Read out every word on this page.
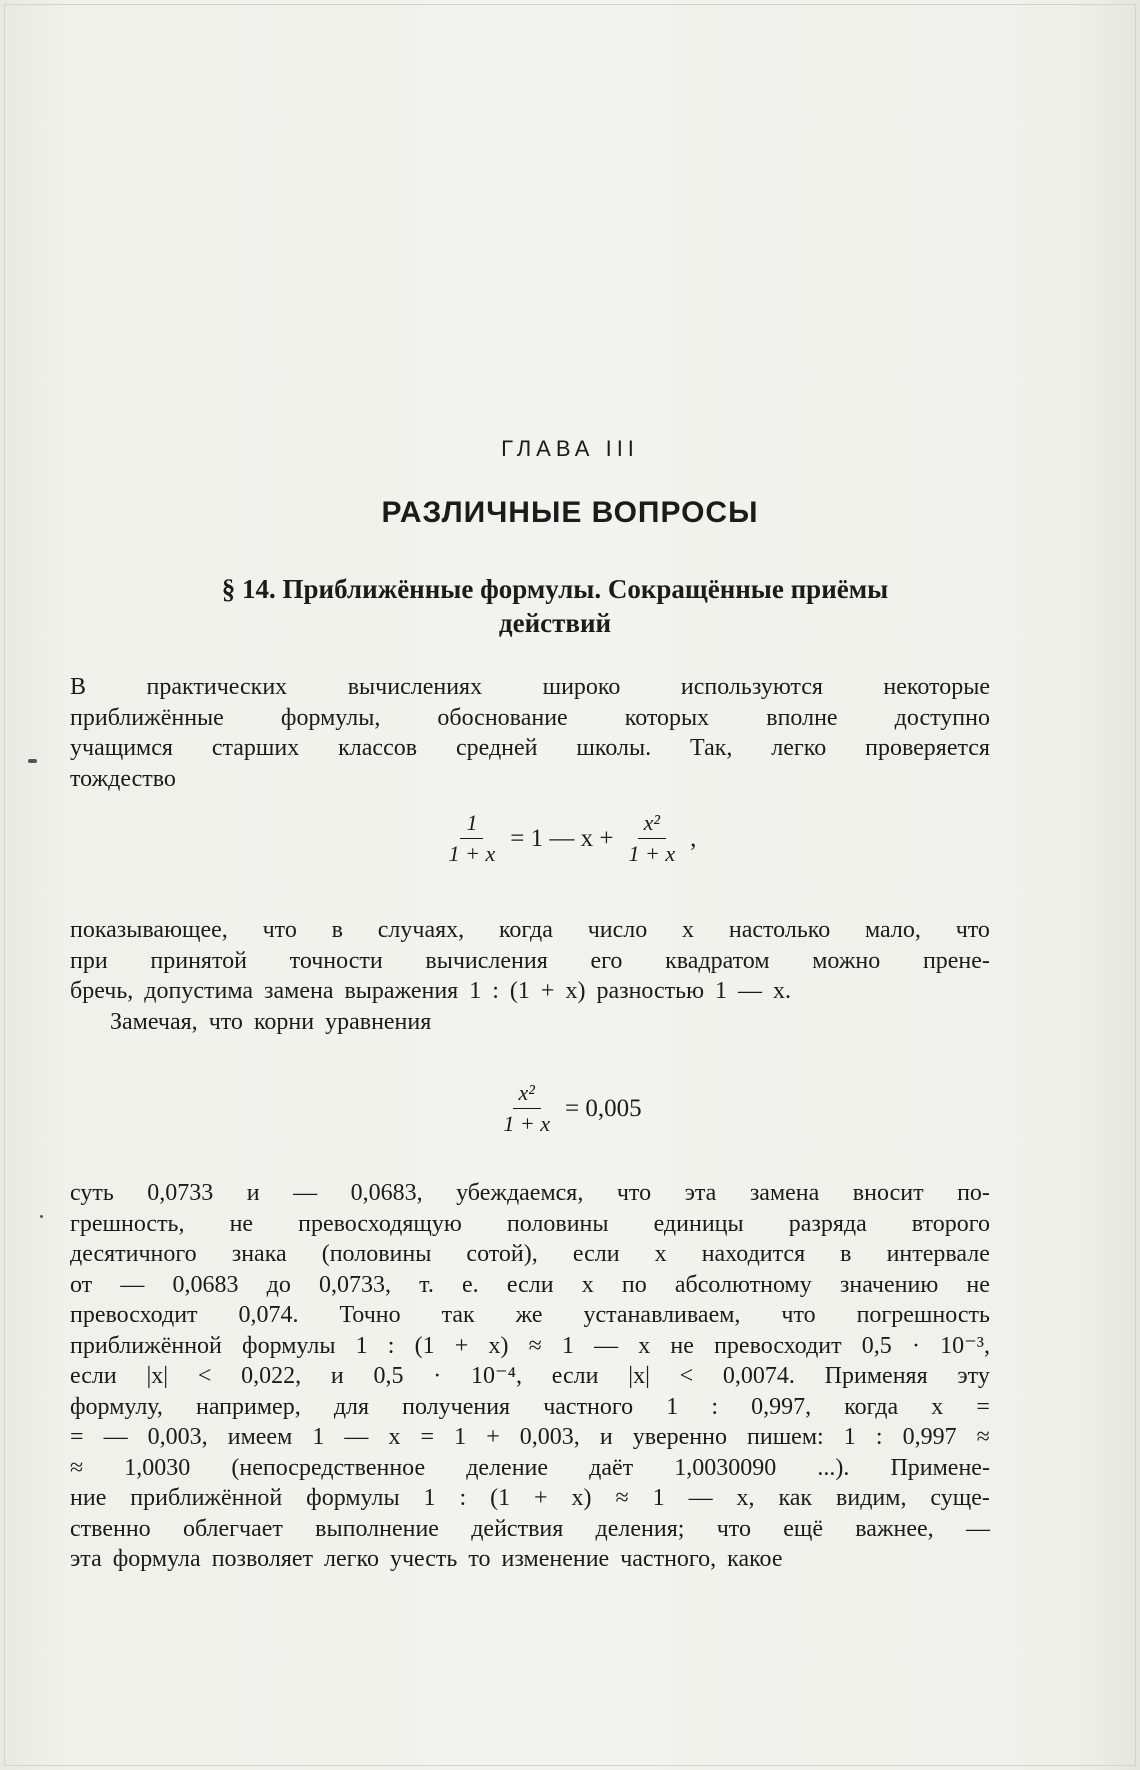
ГЛАВА III
РАЗЛИЧНЫЕ ВОПРОСЫ
§ 14. Приближённые формулы. Сокращённые приёмы
действий
В	практических	вычислениях	широко	используются	некоторые
приближённые формулы, обоснование которых вполне доступно
учащимся старших классов средней школы. Так, легко проверяется
тождество
$\frac{1}{1 + x} = 1$ — $x + \frac{\text{x²}}{1 + x}$ ,
показывающее, что в случаях, когда число x настолько мало, что
при принятой точности вычисления его квадратом можно прене-
бречь, допустима замена выражения 1 : (1 + x) разностью 1 — x.
Замечая, что корни уравнения
$\frac{\text{x²}}{1 + x} = 0,005$
суть 0,0733 и — 0,0683, убеждаемся, что эта замена вносит по-
грешность, не превосходящую половины единицы разряда второго
десятичного знака (половины сотой), если x находится в интервале
от — 0,0683 до 0,0733, т. е. если x по абсолютному значению не
превосходит 0,074. Точно так же устанавливаем, что погрешность
приближённой формулы 1 : (1 + x) ≈ 1 — x не превосходит 0,5 · 10⁻³,
если |x| < 0,022, и 0,5 · 10⁻⁴, если |x| < 0,0074. Применяя эту
формулу, например, для получения частного 1 : 0,997, когда x =
= — 0,003, имеем 1 — x = 1 + 0,003, и уверенно пишем: 1 : 0,997 ≈
≈ 1,0030 (непосредственное деление даёт 1,0030090 ...). Примене-
ние приближённой формулы 1 : (1 + x) ≈ 1 — x, как видим, суще-
ственно облегчает выполнение действия деления; что ещё важнее, —
эта формула позволяет легко учесть то изменение частного, какое
